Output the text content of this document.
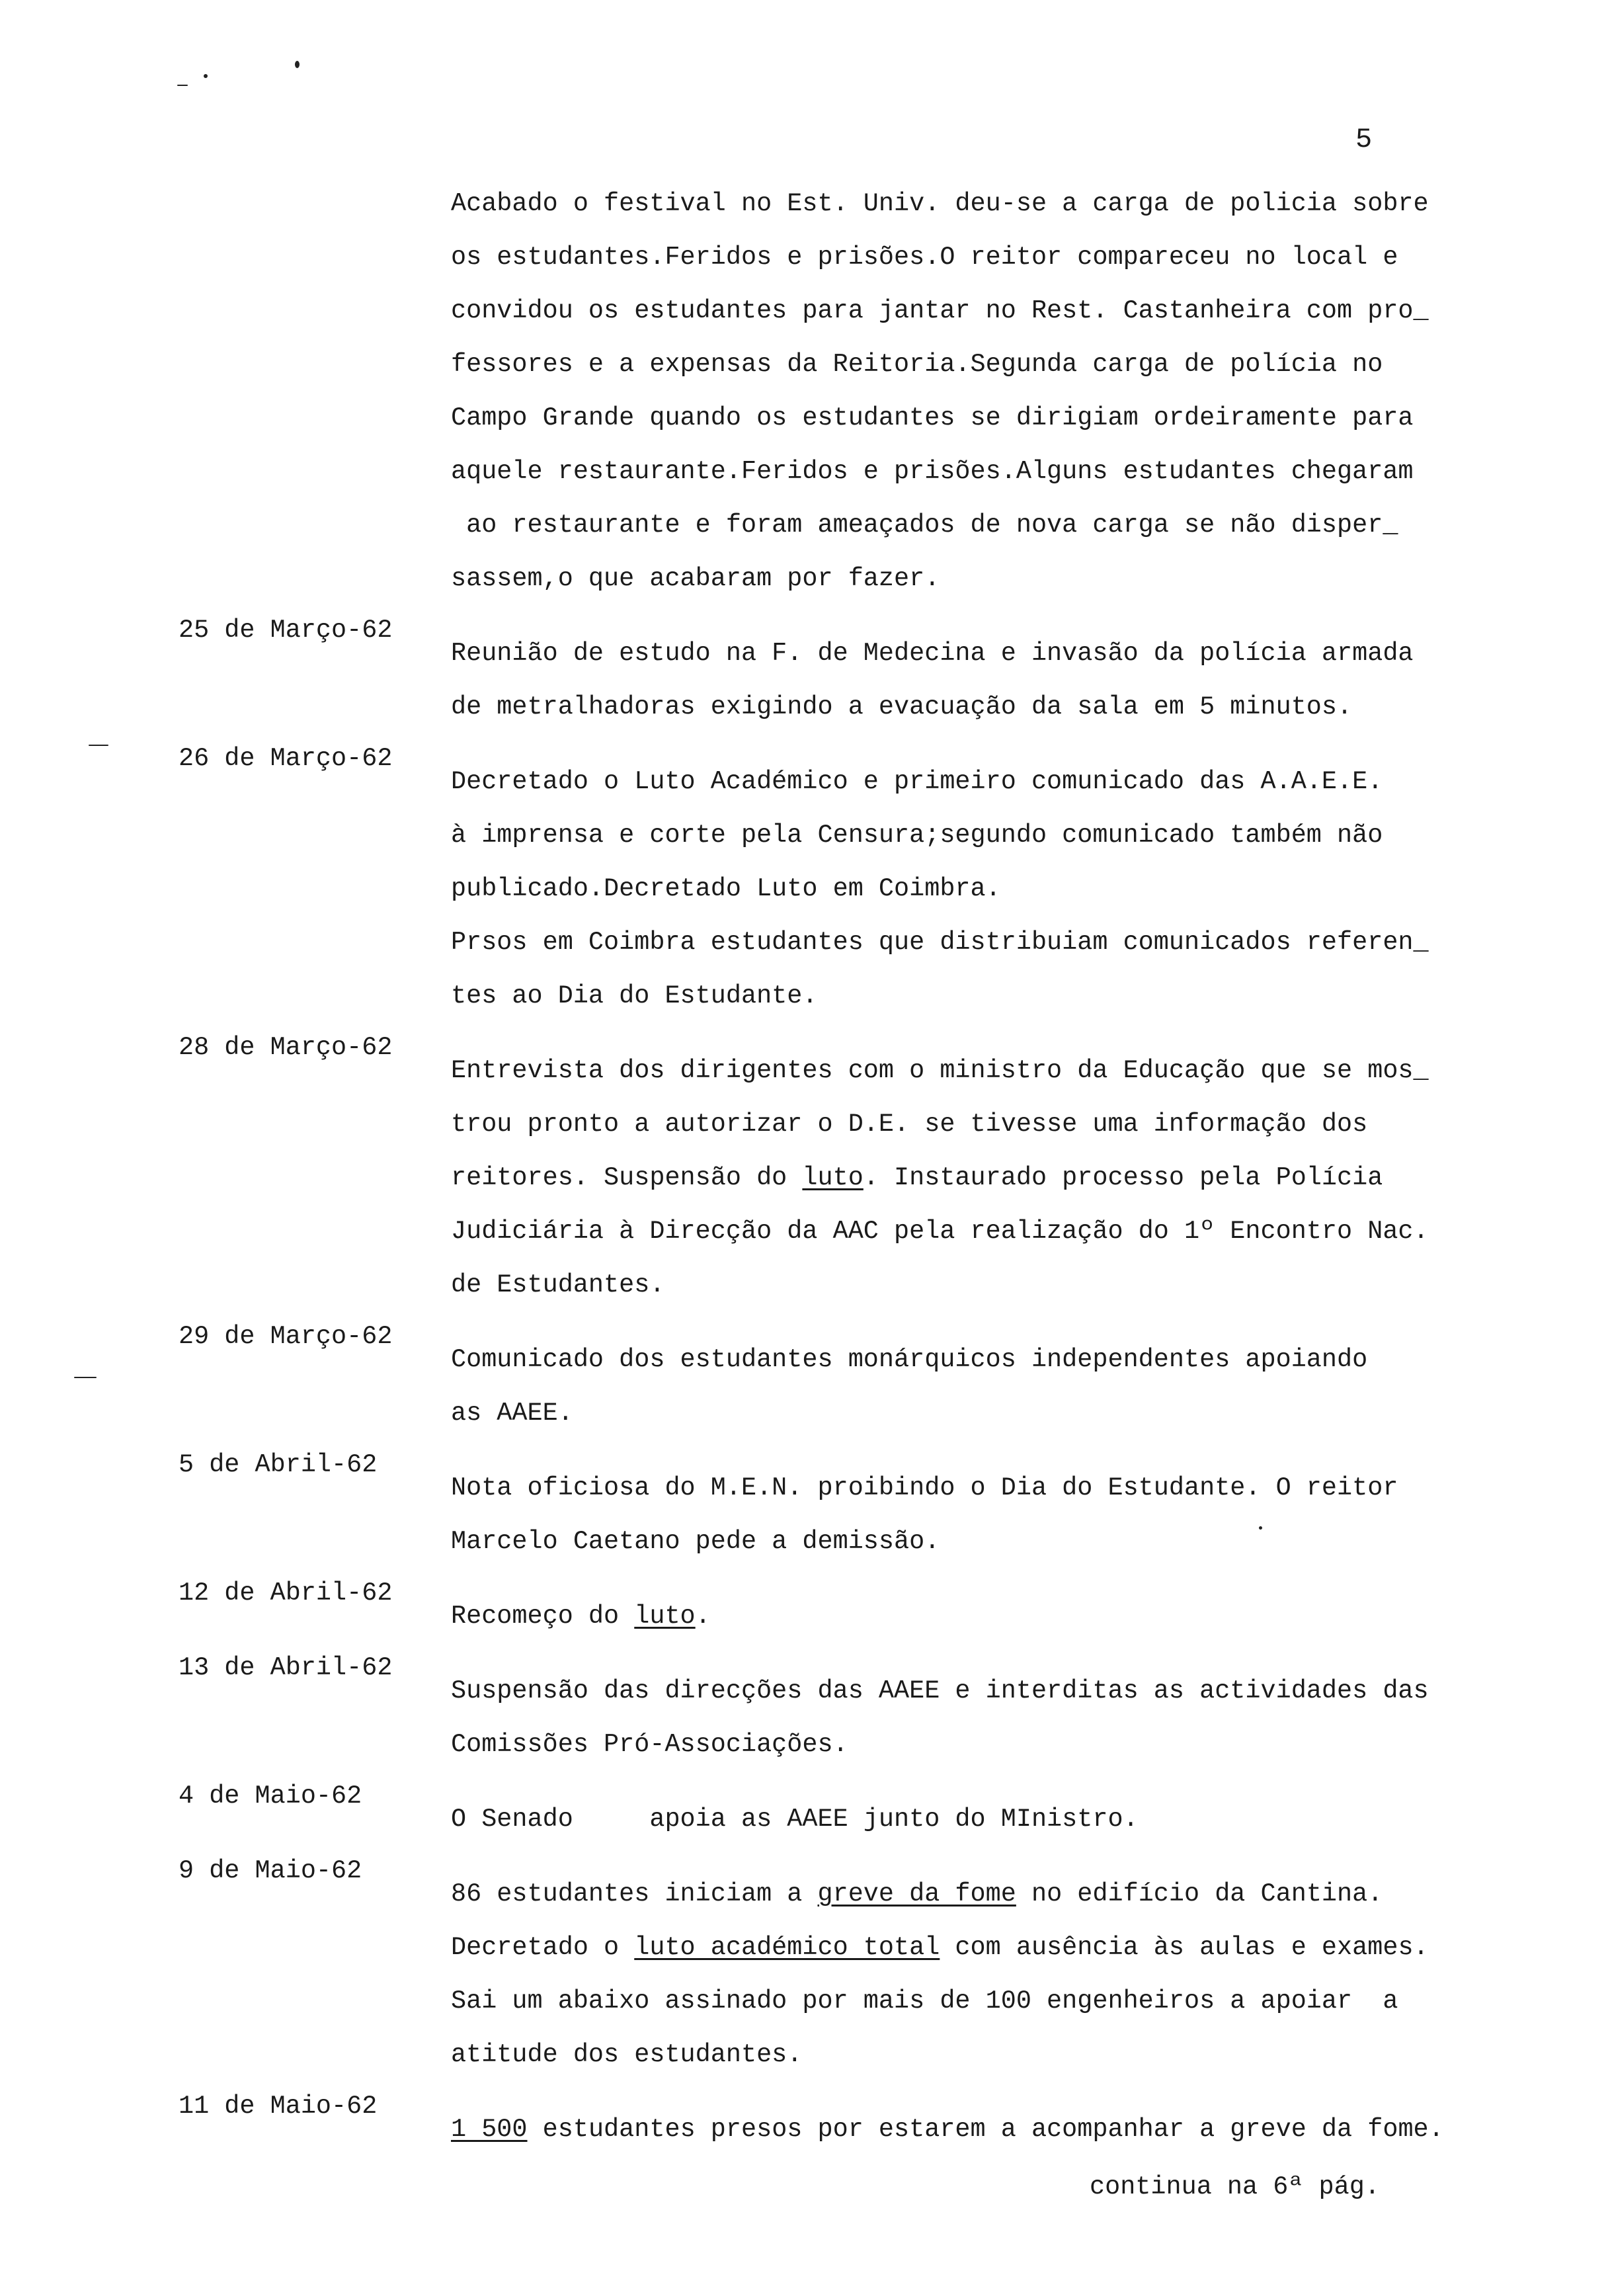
5
Acabado o festival no Est. Univ. deu-se a carga de policia sobre
os estudantes.Feridos e prisões.O reitor compareceu no local e
convidou os estudantes para jantar no Rest. Castanheira com pro_
fessores e a expensas da Reitoria.Segunda carga de polícia no
Campo Grande quando os estudantes se dirigiam ordeiramente para
aquele restaurante.Feridos e prisões.Alguns estudantes chegaram
ao restaurante e foram ameaçados de nova carga se não disper_
sassem,o que acabaram por fazer.
25 de Março-62
Reunião de estudo na F. de Medecina e invasão da polícia armada
de metralhadoras exigindo a evacuação da sala em 5 minutos.
26 de Março-62
Decretado o Luto Académico e primeiro comunicado das A.A.E.E.
à imprensa e corte pela Censura;segundo comunicado também não
publicado.Decretado Luto em Coimbra.
Prsos em Coimbra estudantes que distribuiam comunicados referen_
tes ao Dia do Estudante.
28 de Março-62
Entrevista dos dirigentes com o ministro da Educação que se mos_
trou pronto a autorizar o D.E. se tivesse uma informação dos
reitores. Suspensão do luto. Instaurado processo pela Polícia
Judiciária à Direcção da AAC pela realização do 1º Encontro Nac.
de Estudantes.
29 de Março-62
Comunicado dos estudantes monárquicos independentes apoiando
as AAEE.
5 de Abril-62
Nota oficiosa do M.E.N. proibindo o Dia do Estudante. O reitor
Marcelo Caetano pede a demissão.
12 de Abril-62
Recomeço do luto.
13 de Abril-62
Suspensão das direcções das AAEE e interditas as actividades das
Comissões Pró-Associações.
4 de Maio-62
O Senado     apoia as AAEE junto do MInistro.
9 de Maio-62
86 estudantes iniciam a greve da fome no edifício da Cantina.
Decretado o luto académico total com ausência às aulas e exames.
Sai um abaixo assinado por mais de 100 engenheiros a apoiar  a
atitude dos estudantes.
11 de Maio-62
1 500 estudantes presos por estarem a acompanhar a greve da fome.
continua na 6ª pág.
